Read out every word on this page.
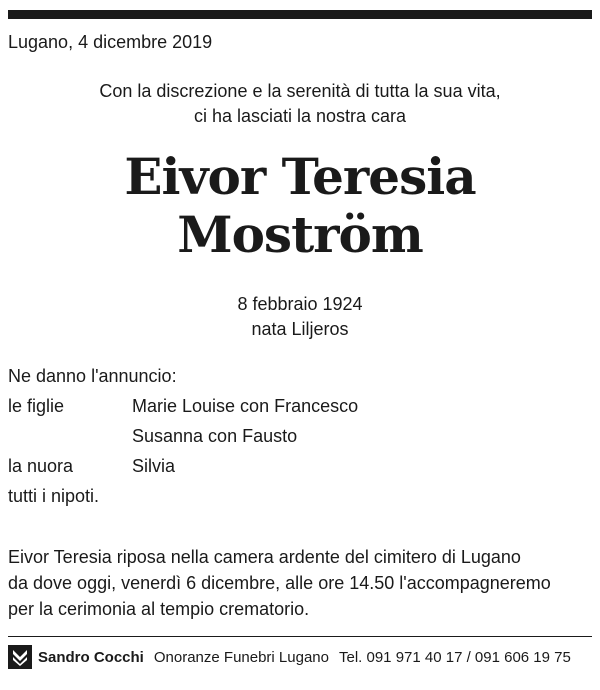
Lugano, 4 dicembre 2019
Con la discrezione e la serenità di tutta la sua vita,
ci ha lasciati la nostra cara
Eivor Teresia
Moström
8 febbraio 1924
nata Liljeros
Ne danno l'annuncio:
le figlie	Marie Louise con Francesco
Susanna con Fausto
la nuora	Silvia
tutti i nipoti.
Eivor Teresia riposa nella camera ardente del cimitero di Lugano
da dove oggi, venerdì 6 dicembre, alle ore 14.50 l'accompagneremo
per la cerimonia al tempio crematorio.
Sandro Cocchi Onoranze Funebri Lugano Tel. 091 971 40 17 / 091 606 19 75
